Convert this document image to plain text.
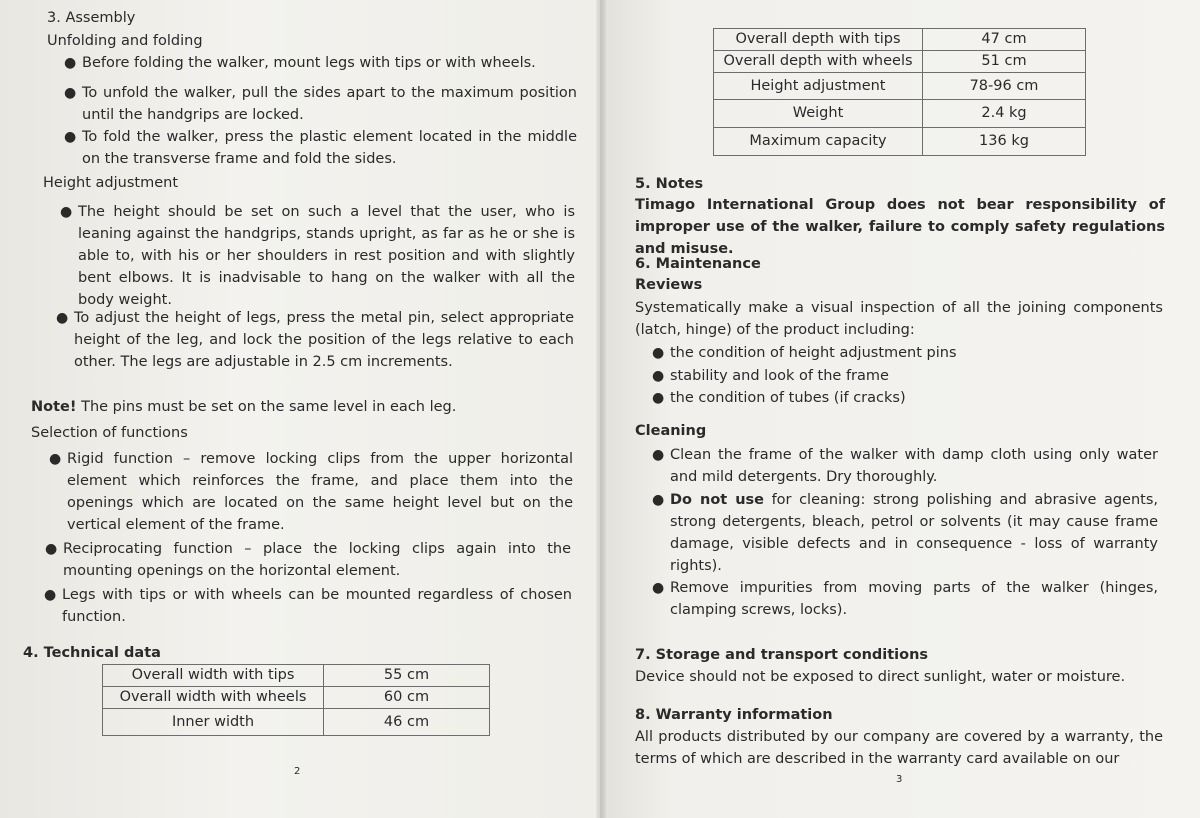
3. Assembly
Unfolding and folding
● Before folding the walker, mount legs with tips or with wheels.

● To unfold the walker, pull the sides apart to the maximum position until the handgrips are locked.

● To fold the walker, press the plastic element located in the middle on the transverse frame and fold the sides.

Height adjustment
● The height should be set on such a level that the user, who is leaning against the handgrips, stands upright, as far as he or she is able to, with his or her shoulders in rest position and with slightly bent elbows. It is inadvisable to hang on the walker with all the body weight.

● To adjust the height of legs, press the metal pin, select appropriate height of the leg, and lock the position of the legs relative to each other. The legs are adjustable in 2.5 cm increments.

Note! The pins must be set on the same level in each leg.
Selection of functions
● Rigid function – remove locking clips from the upper horizontal element which reinforces the frame, and place them into the openings which are located on the same height level but on the vertical element of the frame.

● Reciprocating function – place the locking clips again into the mounting openings on the horizontal element.

● Legs with tips or with wheels can be mounted regardless of chosen function.

4. Technical data
Overall width with tips	55 cm
Overall width with wheels	60 cm
Inner width	46 cm
2
Overall depth with tips	47 cm
Overall depth with wheels	51 cm
Height adjustment	78-96 cm
Weight	2.4 kg
Maximum capacity	136 kg
5. Notes

Timago International Group does not bear responsibility of improper use of the walker, failure to comply safety regulations and misuse.

6. Maintenance
Reviews

Systematically make a visual inspection of all the joining components (latch, hinge) of the product including:

● the condition of height adjustment pins

● stability and look of the frame

● the condition of tubes (if cracks)

Cleaning
● Clean the frame of the walker with damp cloth using only water and mild detergents. Dry thoroughly.

● Do not use for cleaning: strong polishing and abrasive agents, strong detergents, bleach, petrol or solvents (it may cause frame damage, visible defects and in consequence - loss of warranty rights).

● Remove impurities from moving parts of the walker (hinges, clamping screws, locks).

7. Storage and transport conditions
Device should not be exposed to direct sunlight, water or moisture.
8. Warranty information

All products distributed by our company are covered by a warranty, the terms of which are described in the warranty card available on our

3
